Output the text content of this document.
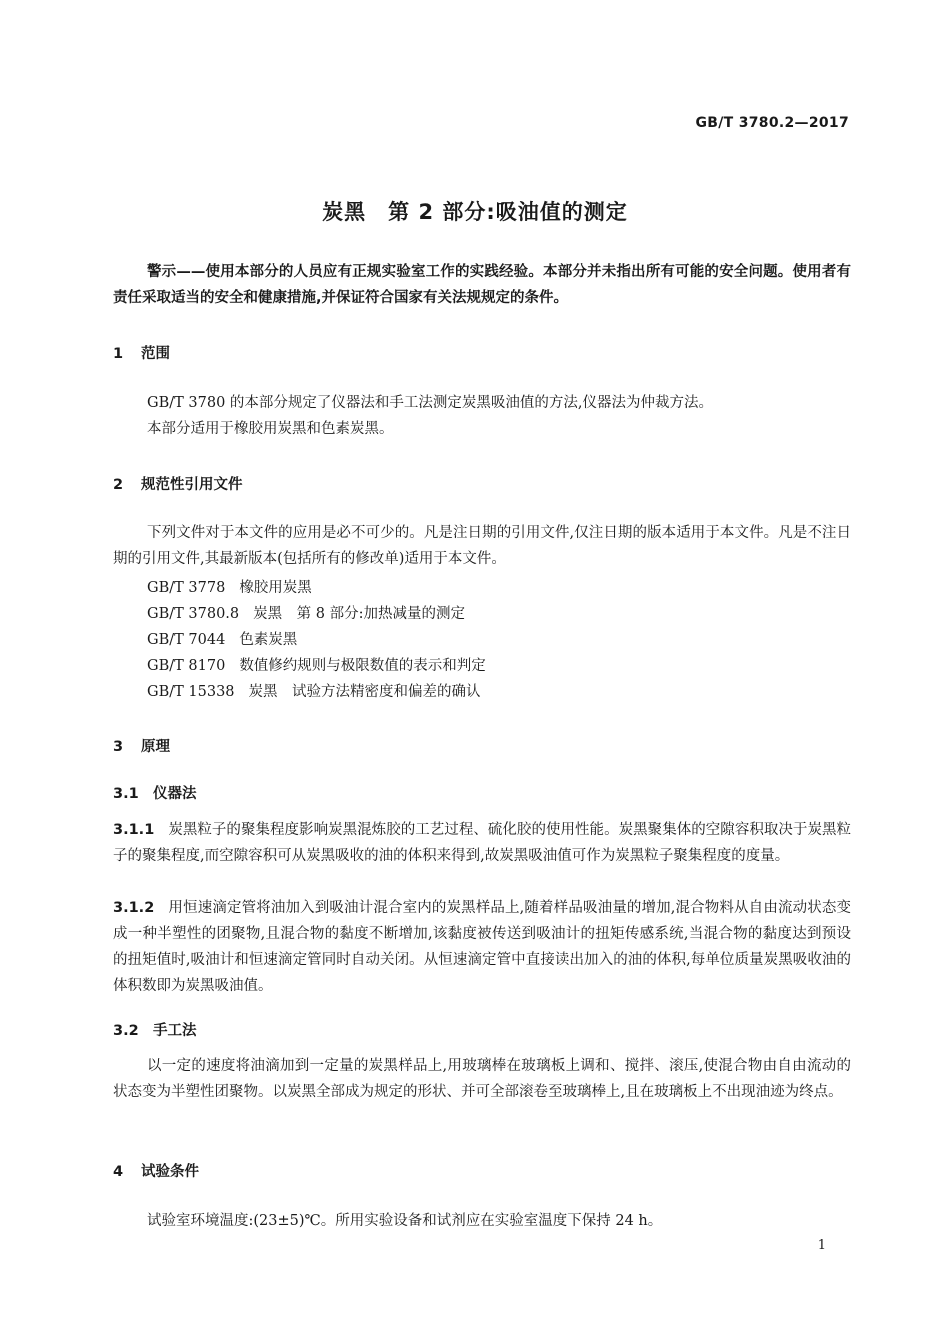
GB/T 3780.2—2017
炭黑　第 2 部分:吸油值的测定

警示——使用本部分的人员应有正规实验室工作的实践经验。本部分并未指出所有可能的安全问题。使用者有责任采取适当的安全和健康措施,并保证符合国家有关法规规定的条件。

1 范围

GB/T 3780 的本部分规定了仪器法和手工法测定炭黑吸油值的方法,仪器法为仲裁方法。

本部分适用于橡胶用炭黑和色素炭黑。

2 规范性引用文件

下列文件对于本文件的应用是必不可少的。凡是注日期的引用文件,仅注日期的版本适用于本文件。凡是不注日期的引用文件,其最新版本(包括所有的修改单)适用于本文件。

GB/T 3778 橡胶用炭黑
GB/T 3780.8 炭黑　第 8 部分:加热减量的测定
GB/T 7044 色素炭黑
GB/T 8170 数值修约规则与极限数值的表示和判定
GB/T 15338 炭黑　试验方法精密度和偏差的确认
3 原理
3.1 仪器法

3.1.1 炭黑粒子的聚集程度影响炭黑混炼胶的工艺过程、硫化胶的使用性能。炭黑聚集体的空隙容积取决于炭黑粒子的聚集程度,而空隙容积可从炭黑吸收的油的体积来得到,故炭黑吸油值可作为炭黑粒子聚集程度的度量。

3.1.2 用恒速滴定管将油加入到吸油计混合室内的炭黑样品上,随着样品吸油量的增加,混合物料从自由流动状态变成一种半塑性的团聚物,且混合物的黏度不断增加,该黏度被传送到吸油计的扭矩传感系统,当混合物的黏度达到预设的扭矩值时,吸油计和恒速滴定管同时自动关闭。从恒速滴定管中直接读出加入的油的体积,每单位质量炭黑吸收油的体积数即为炭黑吸油值。

3.2 手工法

以一定的速度将油滴加到一定量的炭黑样品上,用玻璃棒在玻璃板上调和、搅拌、滚压,使混合物由自由流动的状态变为半塑性团聚物。以炭黑全部成为规定的形状、并可全部滚卷至玻璃棒上,且在玻璃板上不出现油迹为终点。

4 试验条件

试验室环境温度:(23±5)℃。所用实验设备和试剂应在实验室温度下保持 24 h。

1
